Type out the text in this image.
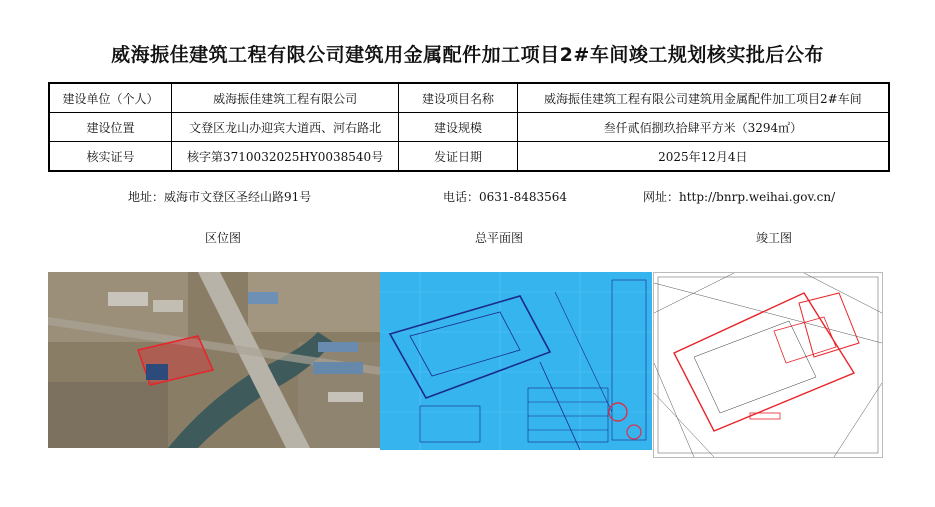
威海振佳建筑工程有限公司建筑用金属配件加工项目2#车间竣工规划核实批后公布
建设单位（个人）	威海振佳建筑工程有限公司	建设项目名称	威海振佳建筑工程有限公司建筑用金属配件加工项目2#车间
建设位置	文登区龙山办迎宾大道西、河右路北	建设规模	叁仟贰佰捌玖拾肆平方米（3294㎡）
核实证号	核字第3710032025HY0038540号	发证日期	2025年12月4日
地址：威海市文登区圣经山路91号	电话：0631-8483564	网址：http://bnrp.weihai.gov.cn/
区位图	总平面图	竣工图
